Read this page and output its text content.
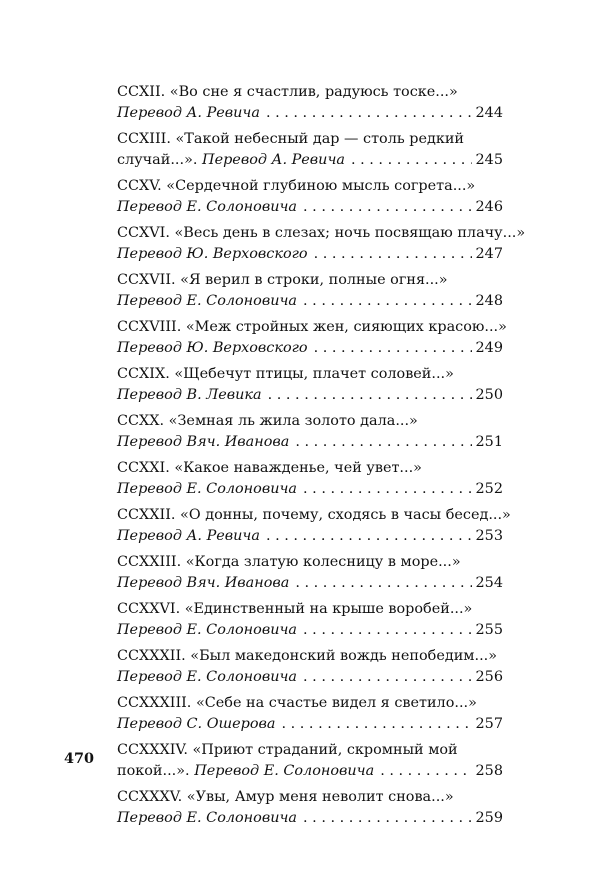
CCXII. «Во сне я счастлив, радуюсь тоске...»
Перевод А. Ревича . . .	244
CCXIII. «Такой небесный дар — столь редкий
случай...». Перевод А. Ревича . . .	245
CCXV. «Сердечной глубиною мысль согрета...»
Перевод Е. Солоновича . . .	246
CCXVI. «Весь день в слезах; ночь посвящаю плачу...»
Перевод Ю. Верховского . . .	247
CCXVII. «Я верил в строки, полные огня...»
Перевод Е. Солоновича . . .	248
CCXVIII. «Меж стройных жен, сияющих красою...»
Перевод Ю. Верховского . . .	249
CCXIX. «Щебечут птицы, плачет соловей...»
Перевод В. Левика . . .	250
CCXX. «Земная ль жила золото дала...»
Перевод Вяч. Иванова . . .	251
CCXXI. «Какое наважденье, чей увет...»
Перевод Е. Солоновича . . .	252
CCXXII. «О донны, почему, сходясь в часы бесед...»
Перевод А. Ревича . . .	253
CCXXIII. «Когда златую колесницу в море...»
Перевод Вяч. Иванова . . .	254
CCXXVI. «Единственный на крыше воробей...»
Перевод Е. Солоновича . . .	255
CCXXXII. «Был македонский вождь непобедим...»
Перевод Е. Солоновича . . .	256
CCXXXIII. «Себе на счастье видел я светило...»
Перевод С. Ошерова . . .	257
CCXXXIV. «Приют страданий, скромный мой
покой...». Перевод Е. Солоновича . . .	258
CCXXXV. «Увы, Амур меня неволит снова...»
Перевод Е. Солоновича . . .	259
470
